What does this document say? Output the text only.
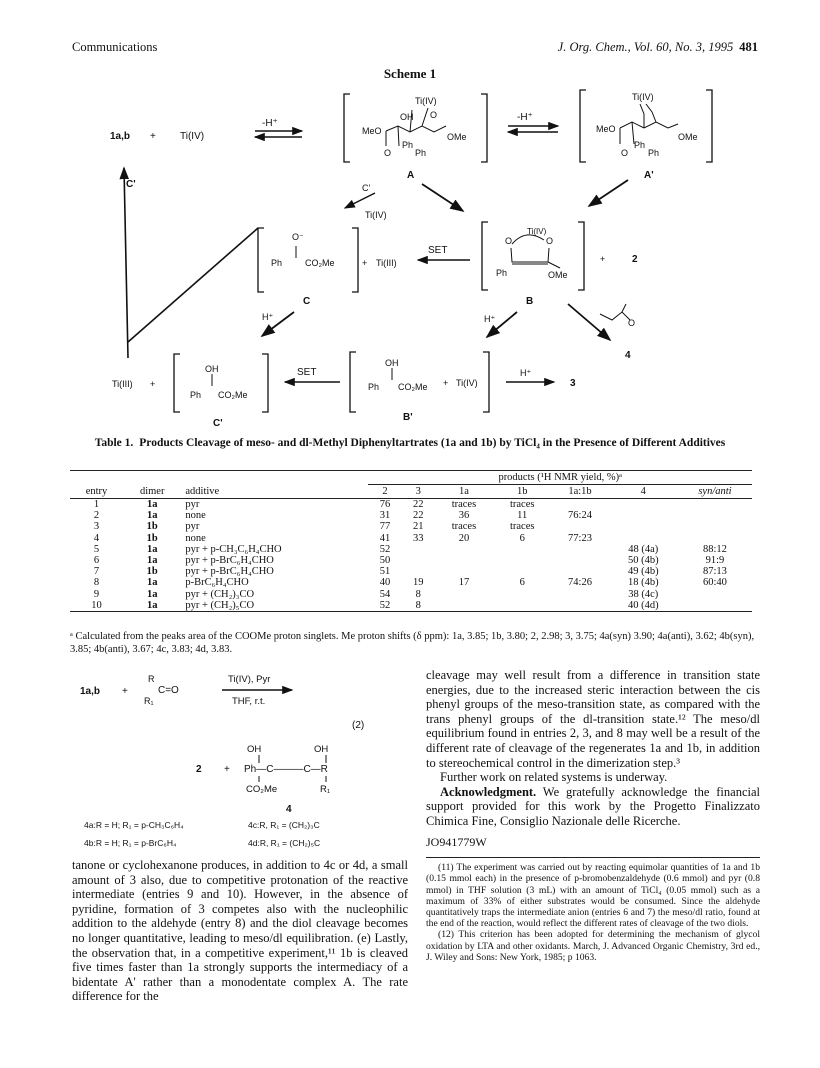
Communications	J. Org. Chem., Vol. 60, No. 3, 1995 481
Scheme 1
1a,b + Ti(IV)
-H⁺
Ti(IV)
OH O
MeO
OMe
Ph
Ph
O
A
-H⁺
Ti(IV)
MeO
OMe
Ph
Ph
O
A'
C'	C'
Ti(IV)
O⁻
Ph	CO₂Me
C
+ Ti(III)
SET
Ti(IV)
O	O
Ph	OMe
B
+	2
H⁺	H⁺	O
4
Ti(III) +
OH
Ph CO₂Me
C'
SET
OH
Ph CO₂Me + Ti(IV)
B'
H⁺
3
Table 1. Products Cleavage of meso- and dl-Methyl Diphenyltartrates (1a and 1b) by TiCl₄ in the Presence of Different Additives
			products (¹H NMR yield, %)ᵃ						
entry	dimer	additive	2	3	1a	1b	1a:1b	4	syn/anti
1	1a	pyr	76	22	traces	traces			
2	1a	none	31	22	36	11	76:24		
3	1b	pyr	77	21	traces	traces			
4	1b	none	41	33	20	6	77:23		
5	1a	pyr + p-CH₃C₆H₄CHO	52					48 (4a)	88:12
6	1a	pyr + p-BrC₆H₄CHO	50					50 (4b)	91:9
7	1b	pyr + p-BrC₆H₄CHO	51					49 (4b)	87:13
8	1a	p-BrC₆H₄CHO	40	19	17	6	74:26	18 (4b)	60:40
9	1a	pyr + (CH₂)₃CO	54	8				38 (4c)	
10	1a	pyr + (CH₂)₅CO	52	8				40 (4d)	
ᵃ Calculated from the peaks area of the COOMe proton singlets. Me proton shifts (δ ppm): 1a, 3.85; 1b, 3.80; 2, 2.98; 3, 3.75; 4a(syn) 3.90; 4a(anti), 3.62; 4b(syn), 3.85; 4b(anti), 3.67; 4c, 3.83; 4d, 3.83.
1a,b +
R
C=O
R₁
Ti(IV), Pyr
THF, r.t.
(2)
OH	OH
2 + Ph—C———C—R
CO₂Me	R₁
4
4a:R = H; R₁ = p-CH₃C₆H₄	4c:R, R₁ = (CH₂)₃C
4b:R = H; R₁ = p-BrC₆H₄	4d:R, R₁ = (CH₂)₅C

cleavage may well result from a difference in transition state energies, due to the increased steric interaction between the cis phenyl groups of the meso-transition state, as compared with the trans phenyl groups of the dl-transition state.¹² The meso/dl equilibrium found in entries 2, 3, and 8 may well be a result of the different rate of cleavage of the regenerates 1a and 1b, in addition to stereochemical control in the dimerization step.³

Further work on related systems is underway.

Acknowledgment. We gratefully acknowledge the financial support provided for this work by the Progetto Finalizzato Chimica Fine, Consiglio Nazionale delle Ricerche.

JO941779W

(11) The experiment was carried out by reacting equimolar quantities of 1a and 1b (0.15 mmol each) in the presence of p-bromobenzaldehyde (0.6 mmol) and pyr (0.8 mmol) in THF solution (3 mL) with an amount of TiCl₄ (0.05 mmol) such as a maximum of 33% of either substrates would be consumed. Since the aldehyde quantitatively traps the intermediate anion (entries 6 and 7) the meso/dl ratio, found at the end of the reaction, would reflect the different rates of cleavage of the two diols.

(12) This criterion has been adopted for determining the mechanism of glycol oxidation by LTA and other oxidants. March, J. Advanced Organic Chemistry, 3rd ed., J. Wiley and Sons: New York, 1985; p 1063.

tanone or cyclohexanone produces, in addition to 4c or 4d, a small amount of 3 also, due to competitive protonation of the reactive intermediate (entries 9 and 10). However, in the absence of pyridine, formation of 3 competes also with the nucleophilic addition to the aldehyde (entry 8) and the diol cleavage becomes no longer quantitative, leading to meso/dl equilibration. (e) Lastly, the observation that, in a competitive experiment,¹¹ 1b is cleaved five times faster than 1a strongly supports the intermediacy of a bidentate A' rather than a monodentate complex A. The rate difference for the
